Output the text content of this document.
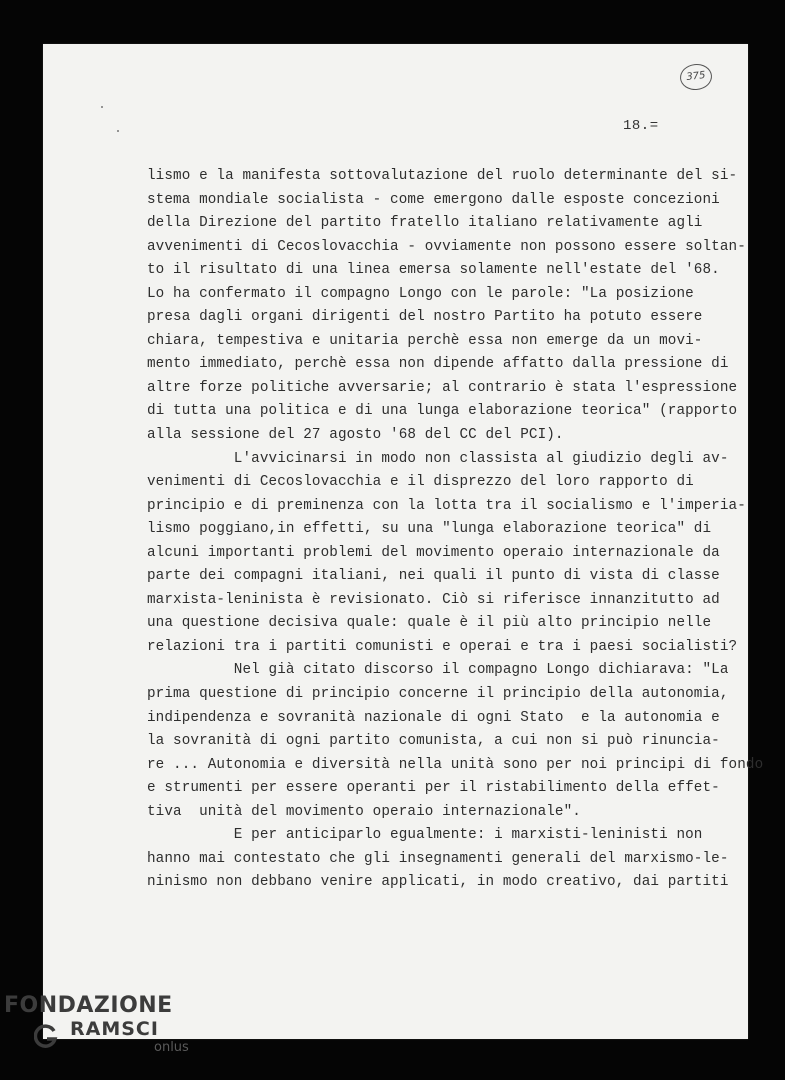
375
18.=
lismo e la manifesta sottovalutazione del ruolo determinante del si-
stema mondiale socialista - come emergono dalle esposte concezioni
della Direzione del partito fratello italiano relativamente agli
avvenimenti di Cecoslovacchia - ovviamente non possono essere soltan-
to il risultato di una linea emersa solamente nell'estate del '68.
Lo ha confermato il compagno Longo con le parole: "La posizione
presa dagli organi dirigenti del nostro Partito ha potuto essere
chiara, tempestiva e unitaria perchè essa non emerge da un movi-
mento immediato, perchè essa non dipende affatto dalla pressione di
altre forze politiche avversarie; al contrario è stata l'espressione
di tutta una politica e di una lunga elaborazione teorica" (rapporto
alla sessione del 27 agosto '68 del CC del PCI).
L'avvicinarsi in modo non classista al giudizio degli av-
venimenti di Cecoslovacchia e il disprezzo del loro rapporto di
principio e di preminenza con la lotta tra il socialismo e l'imperia-
lismo poggiano,in effetti, su una "lunga elaborazione teorica" di
alcuni importanti problemi del movimento operaio internazionale da
parte dei compagni italiani, nei quali il punto di vista di classe
marxista-leninista è revisionato. Ciò si riferisce innanzitutto ad
una questione decisiva quale: quale è il più alto principio nelle
relazioni tra i partiti comunisti e operai e tra i paesi socialisti?
Nel già citato discorso il compagno Longo dichiarava: "La
prima questione di principio concerne il principio della autonomia,
indipendenza e sovranità nazionale di ogni Stato  e la autonomia e
la sovranità di ogni partito comunista, a cui non si può rinuncia-
re ... Autonomia e diversità nella unità sono per noi principi di fondo
e strumenti per essere operanti per il ristabilimento della effet-
tiva  unità del movimento operaio internazionale".
E per anticiparlo egualmente: i marxisti-leninisti non
hanno mai contestato che gli insegnamenti generali del marxismo-le-
ninismo non debbano venire applicati, in modo creativo, dai partiti
FONDAZIONE
RAMSCI
onlus
